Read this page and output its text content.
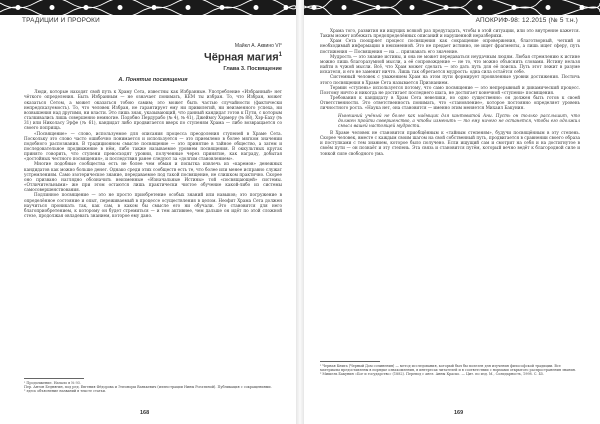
ТРАДИЦИИ И ПРОРОКИ
Майкл А. Аквино VI°
Чёрная магия$^1$
Глава 3. Посвящение
А. Понятие посвящения

Люди, которые находят свой путь к Храму Сета, известны как Избранные. Употребление «Избранный» нет чёткого определения. Быть Избранным — не означает понимать, КЕМ ты избран. То, что Избран, может оказаться Сетом, а может оказаться тобою самим; это может быть частью случайности (фактически непредсказуемость). То, что человек Избран, не гарантирует ему ни привилегий, ни неизменного успеха, ни возвышения над другими, ни власти. Это лишь знак, указывающий, что данный кандидат готов к Пути, с которым сталкивались лишь совершенно немногие. Подобно Пердурабо (№ 4), № 41), Джеймсу Хэрмеру (№ 88), Хэр-Баху (№ 31) или Николасу Эрфе (№ 61), кандидат либо продвигается вверх по ступеням Храма — либо возвращается со своего поприща.

«Посвящение» — слово, используемое для описания процесса преодоления ступеней в Храме Сета. Поскольку это слово часто ошибочно понимается и используется — это приемлемо в более мягком значении подобного распознания. В традиционном смысле посвящение — это принятие в тайное общество, а затем и последовательное продвижение в нём, либо также называемое уровнем посвящения. В оккультных кругах принято говорить, что ступени превосходят уровни, полученные через принятие, как награду, добытая «достойных честного посвящения», и последствия ранее следуют за «долгим становлением».

Многие подобные сообщества есть не более чем обман и попытка извлечь из «каремов» денежных кандидатов как можно больше денег. Однако среди этих сообществ есть те, что более или менее исправно служат устремлениям. Само эзотерическое знание, передаваемое под такой посвящение, не слишком практично. Скорее оно призвано наглядно обозначить неизменные «Изначальные Истины» той «посвящающей» системы. «Отличительными» же при этом остаются лишь практически чистое обучение какой-либо из системы самосовершенствования.

Подлинное посвящение — это не просто приобретение особых знаний или навыков; это погружение в определённое состояние и опыт, переживаемый в процессе осуществления в целом. Неофит Храма Сета должен научиться проникать так, как сам, в каком бы смысле его ни обучали. Это становится для него благоприобретением, к которому он будет стремиться — и тем активнее, чем дальше он идёт по этой сложной стезе, продолжая овладевать знанием, которое ему дано.

¹ Продолжение. Начало в № 93.
Пер. Антон Беднягин, под ред. Евгения Фёдорова и Элеоноры Ванькевич (иллюстрации Нины Рогатиной). Публикация с сокращениями.
² здесь объяснение названий в тексте статьи.
168
АПОКРИФ-98: 12.2015 (№ 5 т.н.)

Храма того, развития ни ищущих всякой раз предугадать, чтобы в этой ситуации, или это внутренне кажется. Таким может избежать предопределённых описаний и нарушенной неразберихи.

Храм Сета поощряет процесс посвящения как сокращение опровержения, благотворный, четкий и необходимый информации в неизменной. Это не предает истинно, не ищет фрагменты, а лишь ищет сферу, путь постижения — Посвящения — на ... признавать его значение.

Мудрость — это знание истины, и она не может передаваться неудачным людям. Любая стремлению к истине можно лишь благоразумной мысли, а её сопровождение — не то, что можно объяснить словами. Истину нельзя найти в чужой мысли. Всё, что Храм может сделать — это дать путь для её поиска. Путь этот лежит в разуме искателя, и его не заменит ничто. Лишь так обретается мудрость: одна сила остаётся себе.

Системный человек с уважением Храм на этом пути формирует проявленные уровни достижения. Постичь этого посвящения в Храме Сета называется Признанием.

Термин «ступень» используется потому, что само посвящение — это непрерывный и динамический процесс. Поэтому ничто и никогда не достигает последнего шага, не достигает конечной «ступени» посвящения.

Требования к кандидату в Храм Сета невелики, но одно существенно: он должен быть готов к своей Ответственности. Это ответственность понимать, что «становление», которое постоянно определяет уровень личностного роста. «Наука нет, она становится — именно этим меняется Михаил Бакунин.

Нынешний учёный не более как наёмщик для кантоватой Ани. Пусть он только расслышит, что должен пройти совершенство, а чтобы изменить — то ему ничего не останется, чтобы его одолжил смысл вашей настоящей мудрости.

В Храме человек не становится приобщённым к «тайным степеням», будучи посвящённым в эту степень. Скорее человек, вместе с каждым своим шагом на свой собственный путь, продвигается в сравнении своего образа и поступками с тем знанием, которое было получено. Если ищущий сам и смотрит на себя и на достигнутое в своём пути — он познаёт и эту степень. Эта связь и становится путём, который вечно ведёт к благородной силе и тонкой силе свободного ума.

¹ Черная Книга (Черный Дом сочинения) — метод исследования, который был бы полезен для изучения философской традиции. Все материалы предоставлены в порядке ознакомления, в интересах читателей и в соответствии с нормами открытого распространения знания.
² Мишель Бакунин «Бог и государство» (1882). Перевод с англ. Анны Краско. — Цит. по изд. М., Солидарность, 1998. С. 45.
169
